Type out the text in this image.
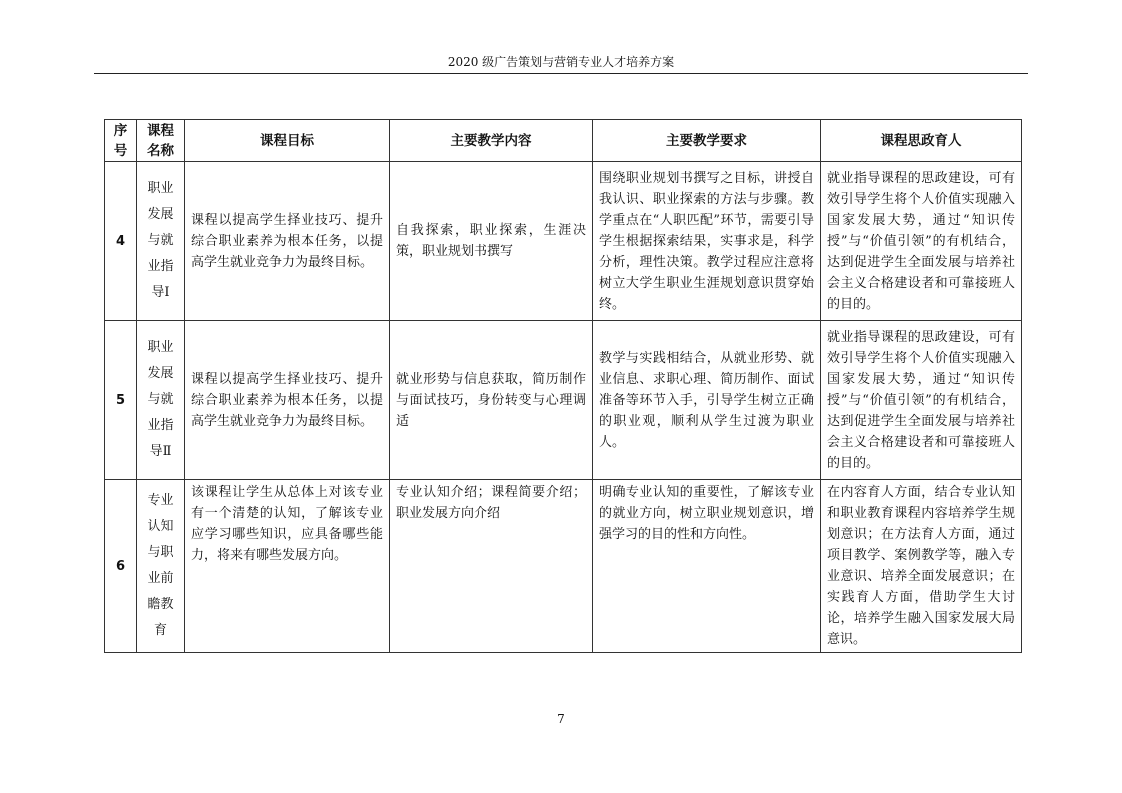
2020 级广告策划与营销专业人才培养方案
序号	课程名称	课程目标	主要教学内容	主要教学要求	课程思政育人
4	职业发展与就业指导Ⅰ	课程以提高学生择业技巧、提升综合职业素养为根本任务，以提高学生就业竞争力为最终目标。	自我探索，职业探索，生涯决策，职业规划书撰写	围绕职业规划书撰写之目标，讲授自我认识、职业探索的方法与步骤。教学重点在“人职匹配”环节，需要引导学生根据探索结果，实事求是，科学分析，理性决策。教学过程应注意将树立大学生职业生涯规划意识贯穿始终。	就业指导课程的思政建设，可有效引导学生将个人价值实现融入国家发展大势，通过“知识传授”与“价值引领”的有机结合，达到促进学生全面发展与培养社会主义合格建设者和可靠接班人的目的。
5	职业发展与就业指导Ⅱ	课程以提高学生择业技巧、提升综合职业素养为根本任务，以提高学生就业竞争力为最终目标。	就业形势与信息获取，简历制作与面试技巧，身份转变与心理调适	教学与实践相结合，从就业形势、就业信息、求职心理、简历制作、面试准备等环节入手，引导学生树立正确的职业观，顺利从学生过渡为职业人。	就业指导课程的思政建设，可有效引导学生将个人价值实现融入国家发展大势，通过“知识传授”与“价值引领”的有机结合，达到促进学生全面发展与培养社会主义合格建设者和可靠接班人的目的。
6	专业认知与职业前瞻教育	该课程让学生从总体上对该专业有一个清楚的认知，了解该专业应学习哪些知识，应具备哪些能力，将来有哪些发展方向。	专业认知介绍；课程简要介绍；职业发展方向介绍	明确专业认知的重要性，了解该专业的就业方向，树立职业规划意识，增强学习的目的性和方向性。	在内容育人方面，结合专业认知和职业教育课程内容培养学生规划意识；在方法育人方面，通过项目教学、案例教学等，融入专业意识、培养全面发展意识；在实践育人方面，借助学生大讨论，培养学生融入国家发展大局意识。
7
